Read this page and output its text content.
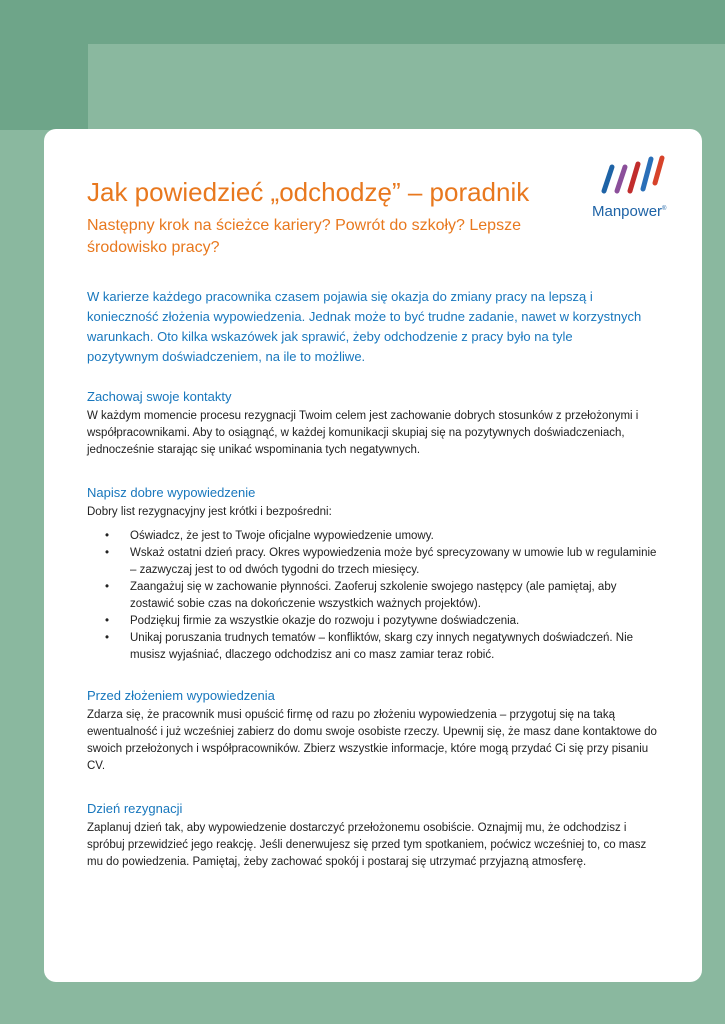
Jak powiedzieć „odchodzę” – poradnik

Następny krok na ścieżce kariery? Powrót do szkoły? Lepsze środowisko pracy?

Manpower®

W karierze każdego pracownika czasem pojawia się okazja do zmiany pracy na lepszą i konieczność złożenia wypowiedzenia. Jednak może to być trudne zadanie, nawet w korzystnych warunkach. Oto kilka wskazówek jak sprawić, żeby odchodzenie z pracy było na tyle pozytywnym doświadczeniem, na ile to możliwe.

Zachowaj swoje kontakty

W każdym momencie procesu rezygnacji Twoim celem jest zachowanie dobrych stosunków z przełożonymi i współpracownikami. Aby to osiągnąć, w każdej komunikacji skupiaj się na pozytywnych doświadczeniach, jednocześnie starając się unikać wspominania tych negatywnych.

Napisz dobre wypowiedzenie

Dobry list rezygnacyjny jest krótki i bezpośredni:

• Oświadcz, że jest to Twoje oficjalne wypowiedzenie umowy.
• Wskaż ostatni dzień pracy. Okres wypowiedzenia może być sprecyzowany w umowie lub w regulaminie – zazwyczaj jest to od dwóch tygodni do trzech miesięcy.
• Zaangażuj się w zachowanie płynności. Zaoferuj szkolenie swojego następcy (ale pamiętaj, aby zostawić sobie czas na dokończenie wszystkich ważnych projektów).
• Podziękuj firmie za wszystkie okazje do rozwoju i pozytywne doświadczenia.
• Unikaj poruszania trudnych tematów – konfliktów, skarg czy innych negatywnych doświadczeń. Nie musisz wyjaśniać, dlaczego odchodzisz ani co masz zamiar teraz robić.
Przed złożeniem wypowiedzenia

Zdarza się, że pracownik musi opuścić firmę od razu po złożeniu wypowiedzenia – przygotuj się na taką ewentualność i już wcześniej zabierz do domu swoje osobiste rzeczy. Upewnij się, że masz dane kontaktowe do swoich przełożonych i współpracowników. Zbierz wszystkie informacje, które mogą przydać Ci się przy pisaniu CV.

Dzień rezygnacji

Zaplanuj dzień tak, aby wypowiedzenie dostarczyć przełożonemu osobiście. Oznajmij mu, że odchodzisz i spróbuj przewidzieć jego reakcję. Jeśli denerwujesz się przed tym spotkaniem, poćwicz wcześniej to, co masz mu do powiedzenia. Pamiętaj, żeby zachować spokój i postaraj się utrzymać przyjazną atmosferę.
